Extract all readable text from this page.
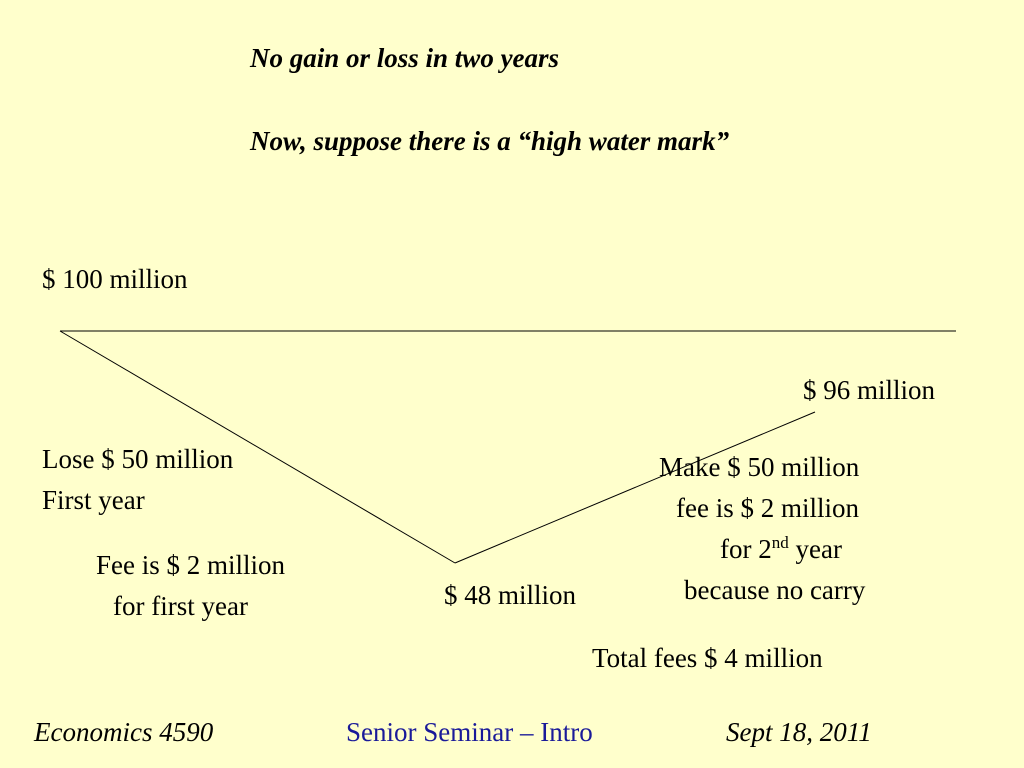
No gain or loss in two years
Now, suppose there is a “high water mark”
$ 100 million
$ 96 million
Lose $ 50 million
First year
Fee is $ 2 million
for first year	$ 48 million
Make $ 50 million
fee is $ 2 million
for 2nd year
because no carry
Total fees $ 4 million
Economics 4590	Senior Seminar – Intro	Sept 18, 2011
